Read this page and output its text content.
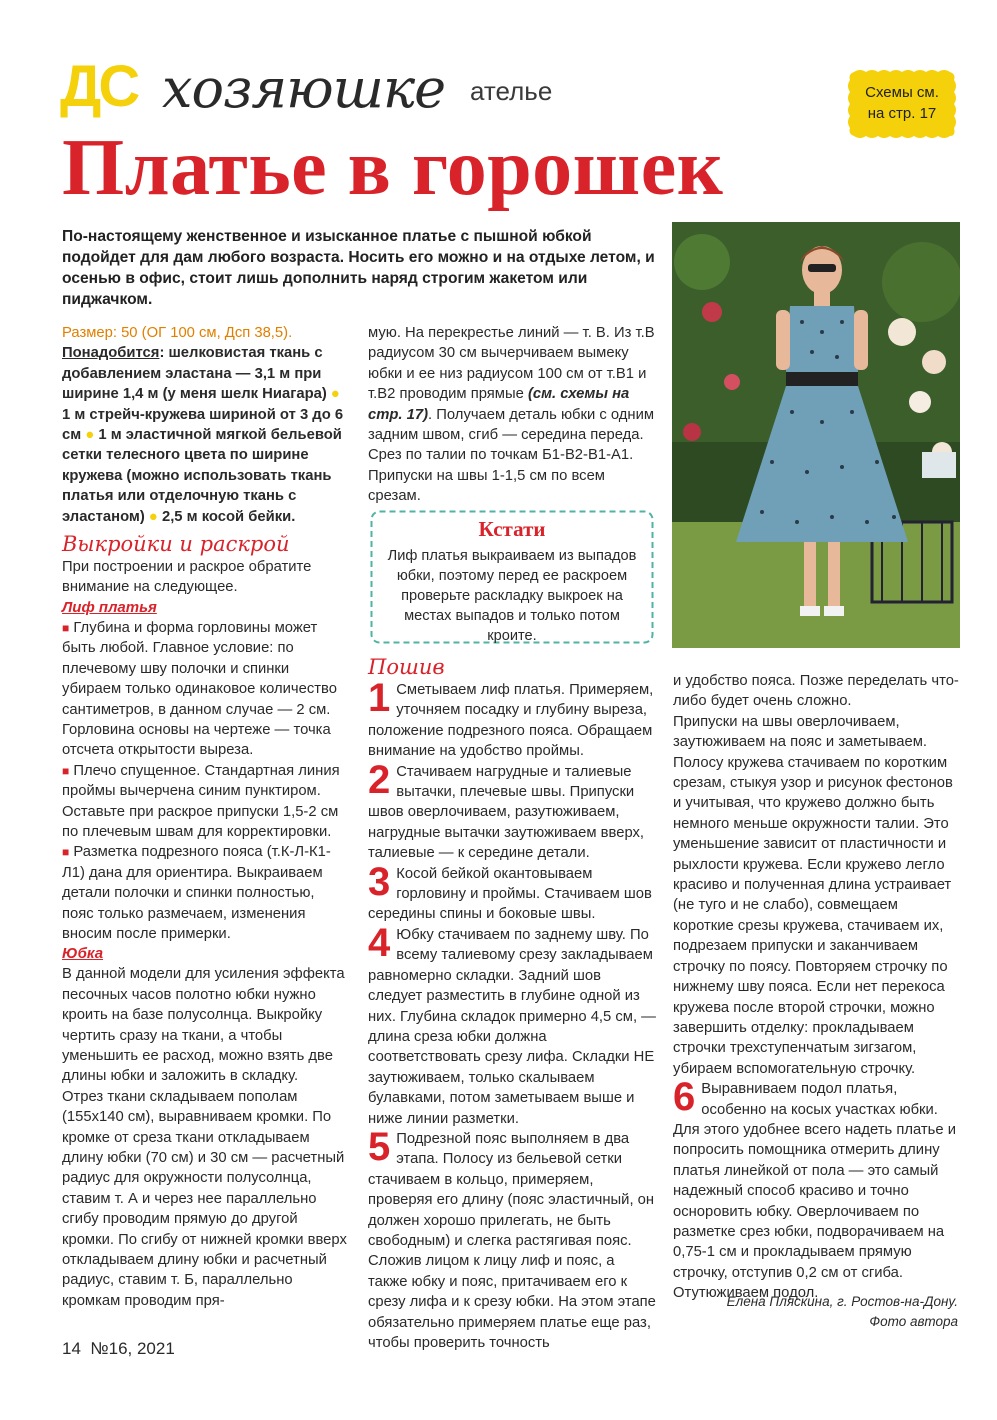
ДС хозяюшке ателье
Платье в горошек
Схемы см.
на стр. 17
По-настоящему женственное и изысканное платье с пышной юбкой подойдет для дам любого возраста. Носить его можно и на отдыхе летом, и осенью в офис, стоит лишь дополнить наряд строгим жакетом или пиджачком.

Размер: 50 (ОГ 100 см, Дсп 38,5).

Понадобится: шелковистая ткань с добавлением эластана — 3,1 м при ширине 1,4 м (у меня шелк Ниагара) ● 1 м стрейч-кружева шириной от 3 до 6 см ● 1 м эластичной мягкой бельевой сетки телесного цвета по ширине кружева (можно использовать ткань платья или отделочную ткань с эластаном) ● 2,5 м косой бейки.

Выкройки и раскрой

При построении и раскрое обратите внимание на следующее.

Лиф платья

■ Глубина и форма горловины может быть любой. Главное условие: по плечевому шву полочки и спинки убираем только одинаковое количество сантиметров, в данном случае — 2 см. Горловина основы на чертеже — точка отсчета открытости выреза.

■ Плечо спущенное. Стандартная линия проймы вычерчена синим пунктиром. Оставьте при раскрое припуски 1,5-2 см по плечевым швам для корректировки.

■ Разметка подрезного пояса (т.К-Л-К1-Л1) дана для ориентира. Выкраиваем детали полочки и спинки полностью, пояс только размечаем, изменения вносим после примерки.

Юбка

В данной модели для усиления эффекта песочных часов полотно юбки нужно кроить на базе полусолнца. Выкройку чертить сразу на ткани, а чтобы уменьшить ее расход, можно взять две длины юбки и заложить в складку.

Отрез ткани складываем пополам (155х140 см), выравниваем кромки. По кромке от среза ткани откладываем длину юбки (70 см) и 30 см — расчетный радиус для окружности полусолнца, ставим т. А и через нее параллельно сгибу проводим прямую до другой кромки. По сгибу от нижней кромки вверх откладываем длину юбки и расчетный радиус, ставим т. Б, параллельно кромкам проводим пря-

мую. На перекрестье линий — т. В. Из т.В радиусом 30 см вычерчиваем вымеку юбки и ее низ радиусом 100 см от т.В1 и т.В2 проводим прямые (см. схемы на стр. 17). Получаем деталь юбки с одним задним швом, сгиб — середина переда. Срез по талии по точкам Б1-В2-В1-А1. Припуски на швы 1-1,5 см по всем срезам.

Кстати
Лиф платья выкраиваем из выпадов юбки, поэтому перед ее раскроем проверьте раскладку выкроек на местах выпадов и только потом кроите.

Пошив

1 Сметываем лиф платья. Примеряем, уточняем посадку и глубину выреза, положение подрезного пояса. Обращаем внимание на удобство проймы.

2 Стачиваем нагрудные и талиевые вытачки, плечевые швы. Припуски швов оверлочиваем, разутюживаем, нагрудные вытачки заутюживаем вверх, талиевые — к середине детали.

3 Косой бейкой окантовываем горловину и проймы. Стачиваем шов середины спины и боковые швы.

4 Юбку стачиваем по заднему шву. По всему талиевому срезу закладываем равномерно складки. Задний шов следует разместить в глубине одной из них. Глубина складок примерно 4,5 см, — длина среза юбки должна соответствовать срезу лифа. Складки НЕ заутюживаем, только скалываем булавками, потом заметываем выше и ниже линии разметки.

5 Подрезной пояс выполняем в два этапа. Полосу из бельевой сетки стачиваем в кольцо, примеряем, проверяя его длину (пояс эластичный, он должен хорошо прилегать, не быть свободным) и слегка растягивая пояс. Сложив лицом к лицу лиф и пояс, а также юбку и пояс, притачиваем его к срезу лифа и к срезу юбки. На этом этапе обязательно примеряем платье еще раз, чтобы проверить точность

и удобство пояса. Позже переделать что-либо будет очень сложно.

Припуски на швы оверлочиваем, заутюживаем на пояс и заметываем. Полосу кружева стачиваем по коротким срезам, стыкуя узор и рисунок фестонов и учитывая, что кружево должно быть немного меньше окружности талии. Это уменьшение зависит от пластичности и рыхлости кружева. Если кружево легло красиво и полученная длина устраивает (не туго и не слабо), совмещаем короткие срезы кружева, стачиваем их, подрезаем припуски и заканчиваем строчку по поясу. Повторяем строчку по нижнему шву пояса. Если нет перекоса кружева после второй строчки, можно завершить отделку: прокладываем строчки трехступенчатым зигзагом, убираем вспомогательную строчку.

6 Выравниваем подол платья, особенно на косых участках юбки. Для этого удобнее всего надеть платье и попросить помощника отмерить длину платья линейкой от пола — это самый надежный способ красиво и точно осноровить юбку. Оверлочиваем по разметке срез юбки, подворачиваем на 0,75-1 см и прокладываем прямую строчку, отступив 0,2 см от сгиба. Отутюживаем подол.

Елена Пляскина, г. Ростов-на-Дону.
Фото автора
14 №16, 2021
